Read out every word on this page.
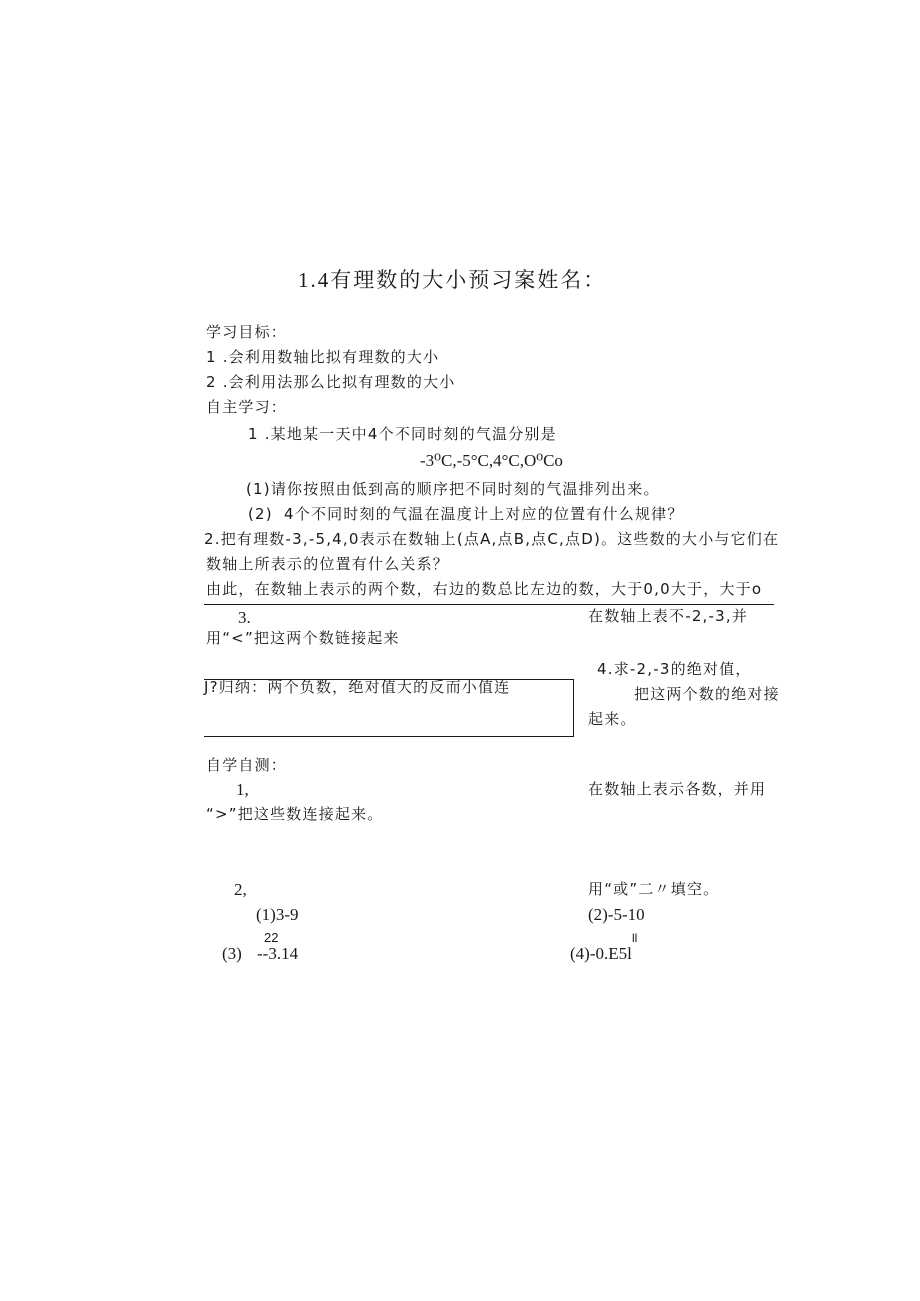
1.4有理数的大小预习案姓名：
学习目标：
1 .会利用数轴比拟有理数的大小
2 .会利用法那么比拟有理数的大小
自主学习：
1 .某地某一天中4个不同时刻的气温分别是
-3⁰C,-5°C,4°C,O⁰Co
(1)请你按照由低到高的顺序把不同时刻的气温排列出来。
(2) 4个不同时刻的气温在温度计上对应的位置有什么规律？
2.把有理数-3,-5,4,0表示在数轴上(点A,点B,点C,点D)。这些数的大小与它们在
数轴上所表示的位置有什么关系？
由此，在数轴上表示的两个数，右边的数总比左边的数，大于0,0大于，大于o
3.	在数轴上表不-2,-3,并
用“<”把这两个数链接起来
4.求-2,-3的绝对值，
把这两个数的绝对接
起来。
J?归纳：两个负数，绝对值大的反而小值连
自学自测：
1,	在数轴上表示各数，并用
“>”把这些数连接起来。
2,	用“或”二〃填空。
(1)3-9	(2)-5-10
22
(3) --3.14	(4)-0.E5l
ll
